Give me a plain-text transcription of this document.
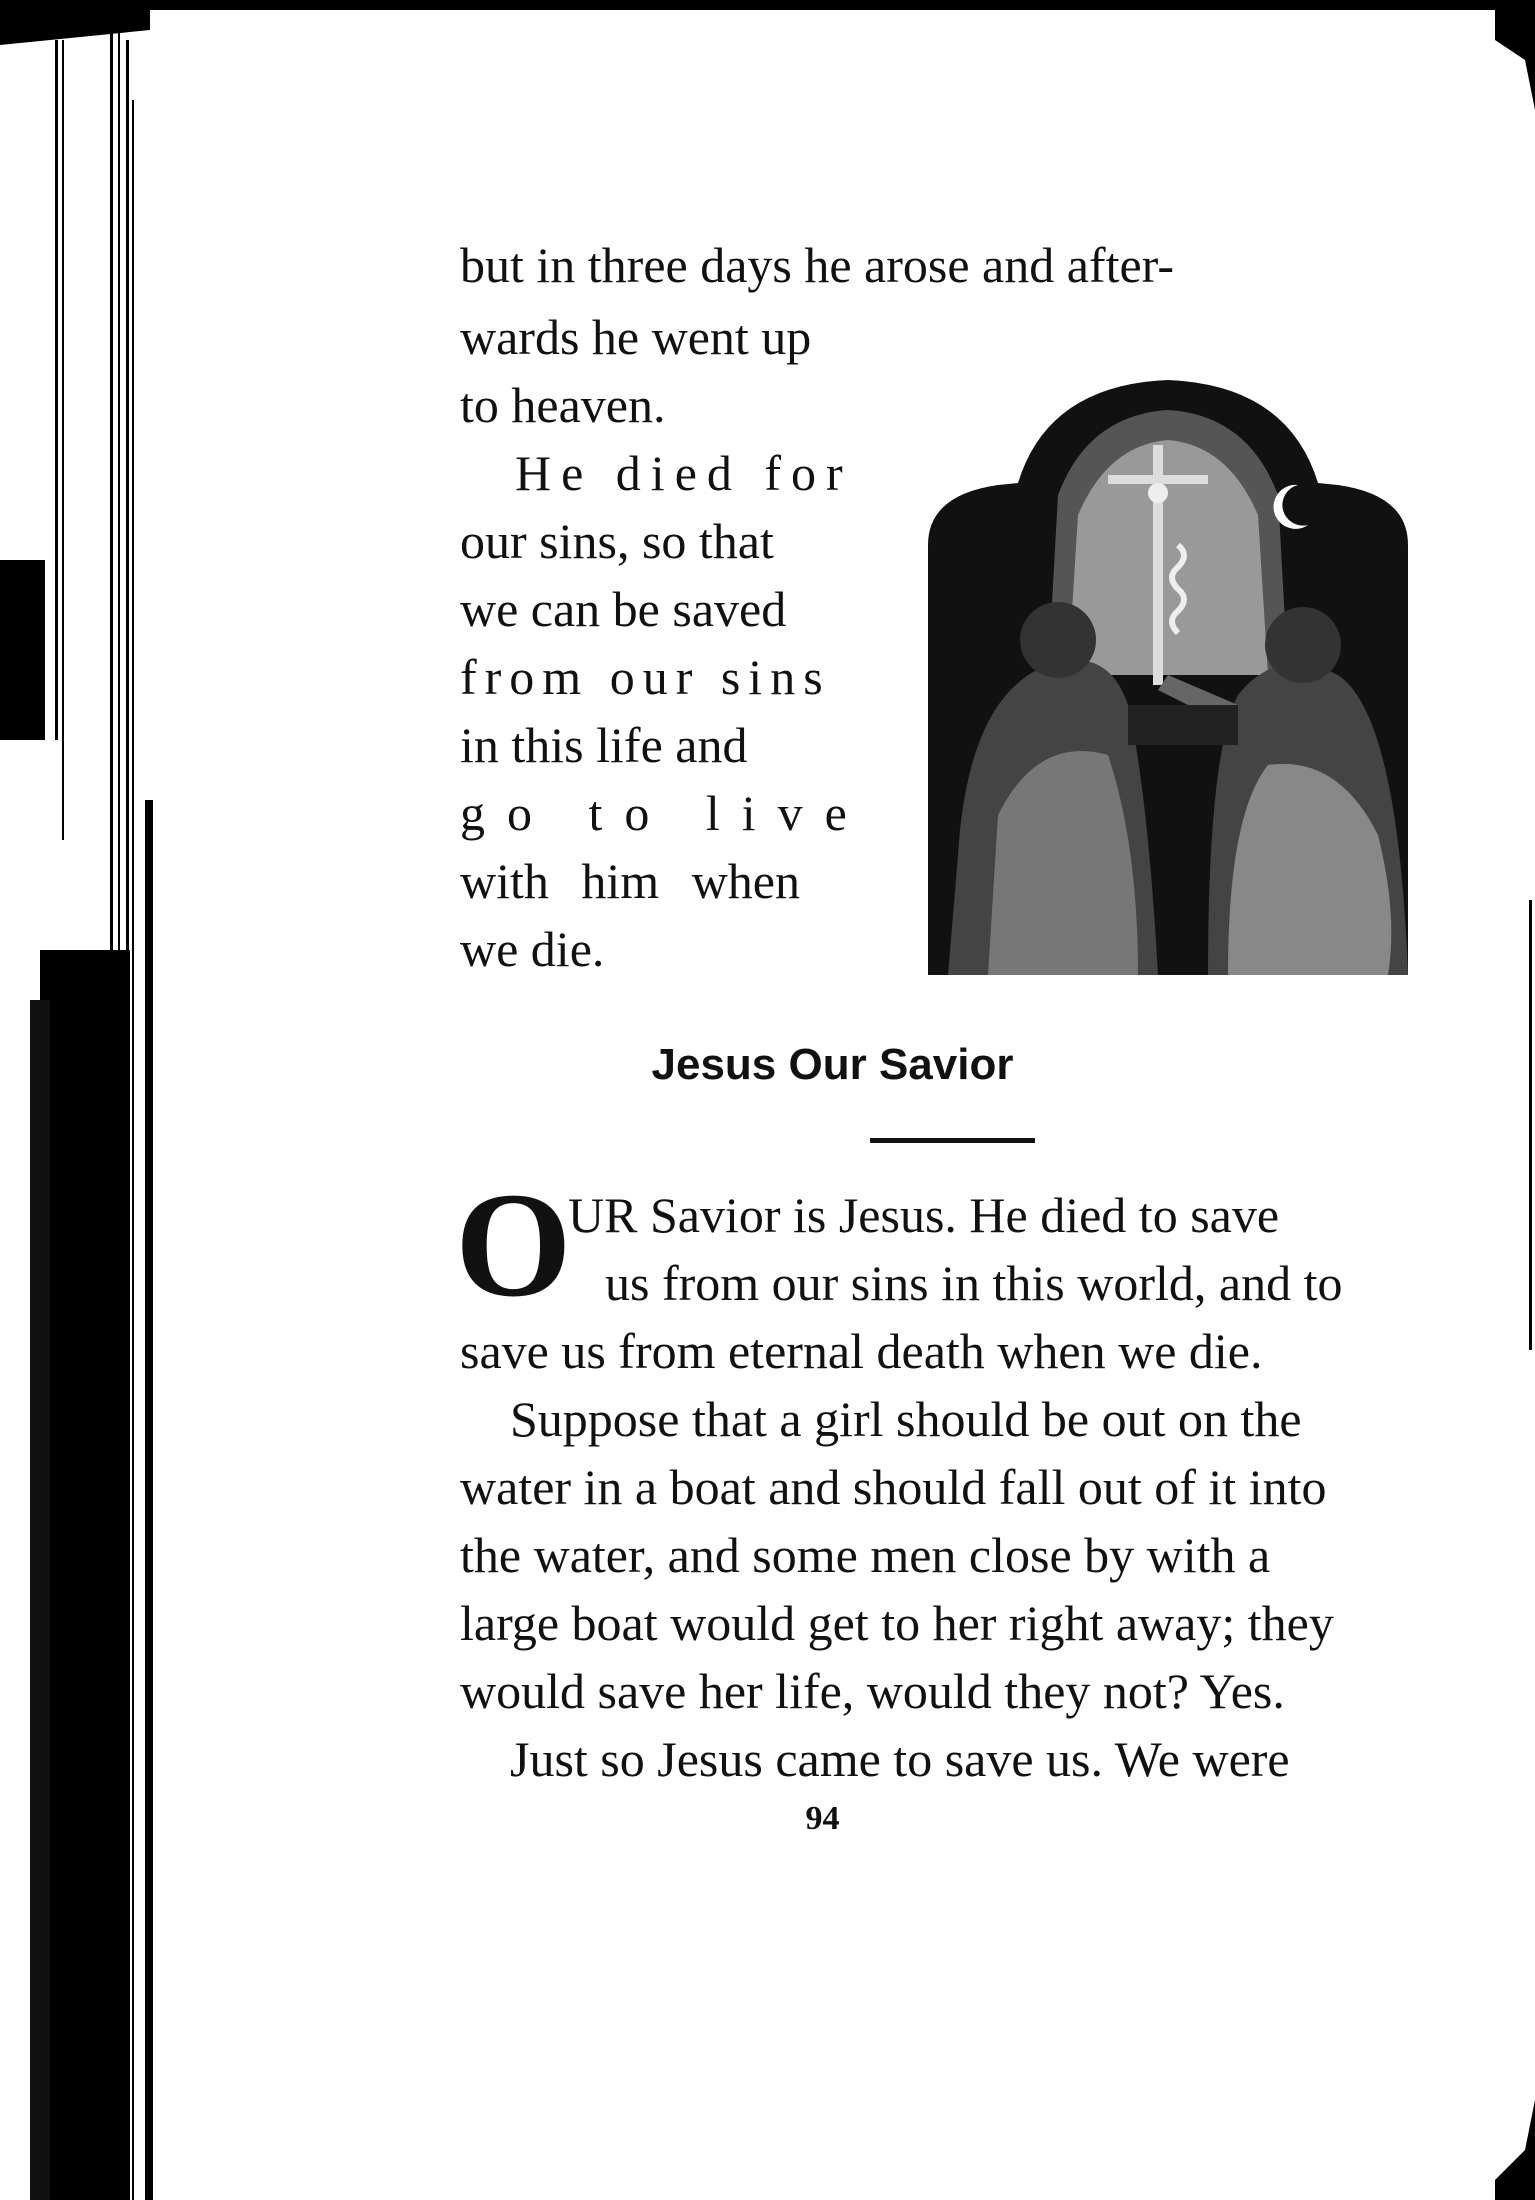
but in three days he arose and after-
wards he went up
to heaven.
He died for
our sins, so that
we can be saved
from our sins
in this life and
go to live
with him when
we die.
Jesus Our Savior
O
UR Savior is Jesus. He died to save
us from our sins in this world, and to
save us from eternal death when we die.
Suppose that a girl should be out on the
water in a boat and should fall out of it into
the water, and some men close by with a
large boat would get to her right away; they
would save her life, would they not? Yes.
Just so Jesus came to save us. We were
94
